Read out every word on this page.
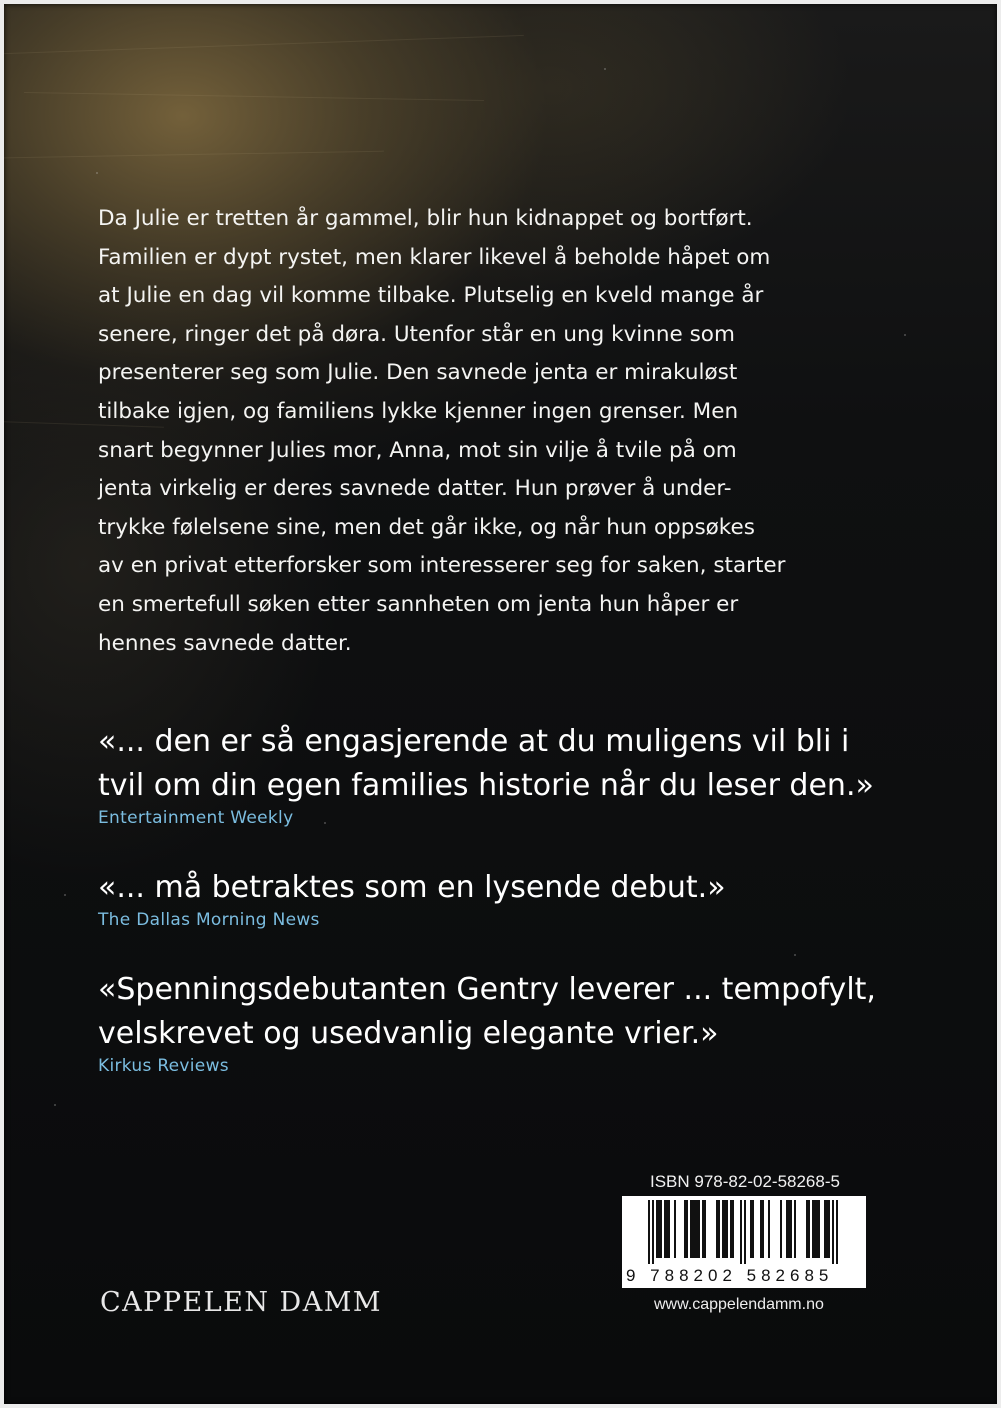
Da Julie er tretten år gammel, blir hun kidnappet og bortført.
Familien er dypt rystet, men klarer likevel å beholde håpet om
at Julie en dag vil komme tilbake. Plutselig en kveld mange år
senere, ringer det på døra. Utenfor står en ung kvinne som
presenterer seg som Julie. Den savnede jenta er mirakuløst
tilbake igjen, og familiens lykke kjenner ingen grenser. Men
snart begynner Julies mor, Anna, mot sin vilje å tvile på om
jenta virkelig er deres savnede datter. Hun prøver å under-
trykke følelsene sine, men det går ikke, og når hun oppsøkes
av en privat etterforsker som interesserer seg for saken, starter
en smertefull søken etter sannheten om jenta hun håper er
hennes savnede datter.
«... den er så engasjerende at du muligens vil bli i
tvil om din egen families historie når du leser den.»
Entertainment Weekly
«... må betraktes som en lysende debut.»
The Dallas Morning News
«Spenningsdebutanten Gentry leverer ... tempofylt,
velskrevet og usedvanlig elegante vrier.»
Kirkus Reviews
ISBN 978-82-02-58268-5
9 788202 582685
CAPPELEN DAMM	www.cappelendamm.no
